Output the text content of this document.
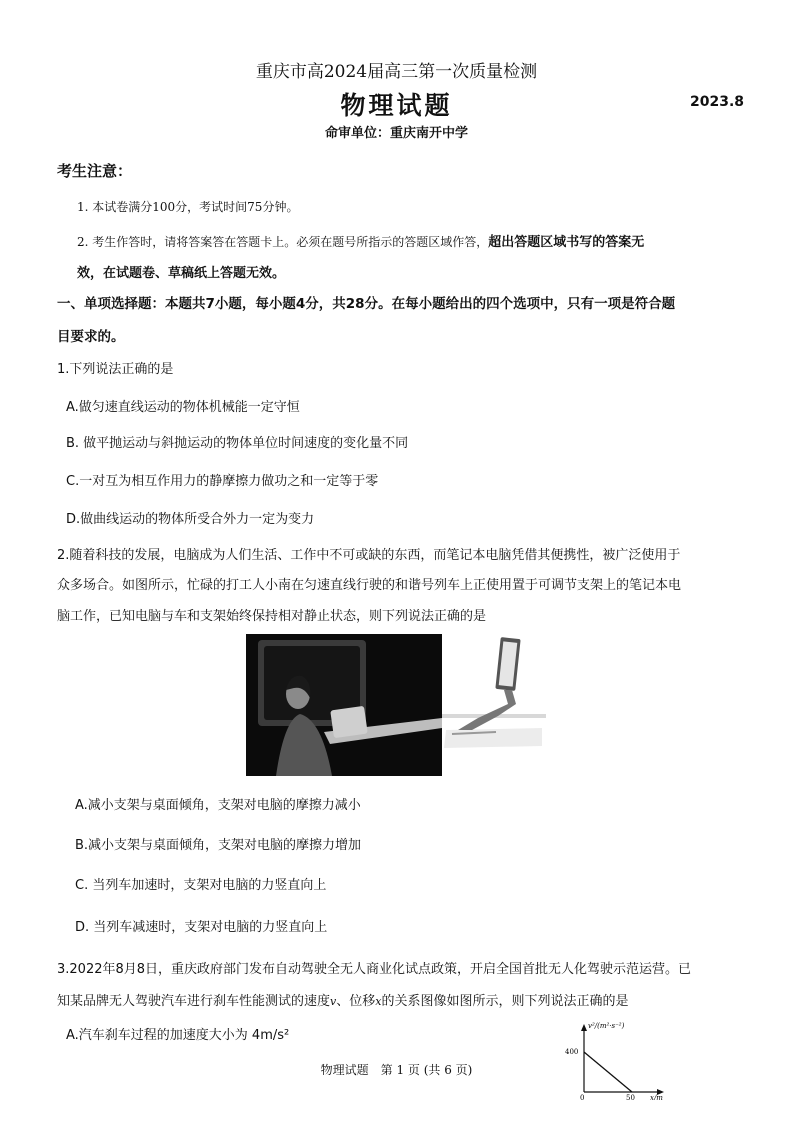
重庆市高2024届高三第一次质量检测
物理试题	2023.8
命审单位：重庆南开中学
考生注意：
1. 本试卷满分100分，考试时间75分钟。
2. 考生作答时，请将答案答在答题卡上。必须在题号所指示的答题区域作答，超出答题区域书写的答案无
效，在试题卷、草稿纸上答题无效。
一、单项选择题：本题共7小题，每小题4分，共28分。在每小题给出的四个选项中，只有一项是符合题
目要求的。
1.下列说法正确的是
A.做匀速直线运动的物体机械能一定守恒
B. 做平抛运动与斜抛运动的物体单位时间速度的变化量不同
C.一对互为相互作用力的静摩擦力做功之和一定等于零
D.做曲线运动的物体所受合外力一定为变力
2.随着科技的发展，电脑成为人们生活、工作中不可或缺的东西，而笔记本电脑凭借其便携性，被广泛使用于
众多场合。如图所示，忙碌的打工人小南在匀速直线行驶的和谐号列车上正使用置于可调节支架上的笔记本电
脑工作，已知电脑与车和支架始终保持相对静止状态，则下列说法正确的是
A.减小支架与桌面倾角，支架对电脑的摩擦力减小
B.减小支架与桌面倾角，支架对电脑的摩擦力增加
C. 当列车加速时，支架对电脑的力竖直向上
D. 当列车减速时，支架对电脑的力竖直向上
3.2022年8月8日，重庆政府部门发布自动驾驶全无人商业化试点政策，开启全国首批无人化驾驶示范运营。已
知某品牌无人驾驶汽车进行刹车性能测试的速度v、位移x的关系图像如图所示，则下列说法正确的是
A.汽车刹车过程的加速度大小为 4m/s²
v²/(m²·s⁻²)
400
50
0	x/m
物理试题　第 1 页 (共 6 页)
